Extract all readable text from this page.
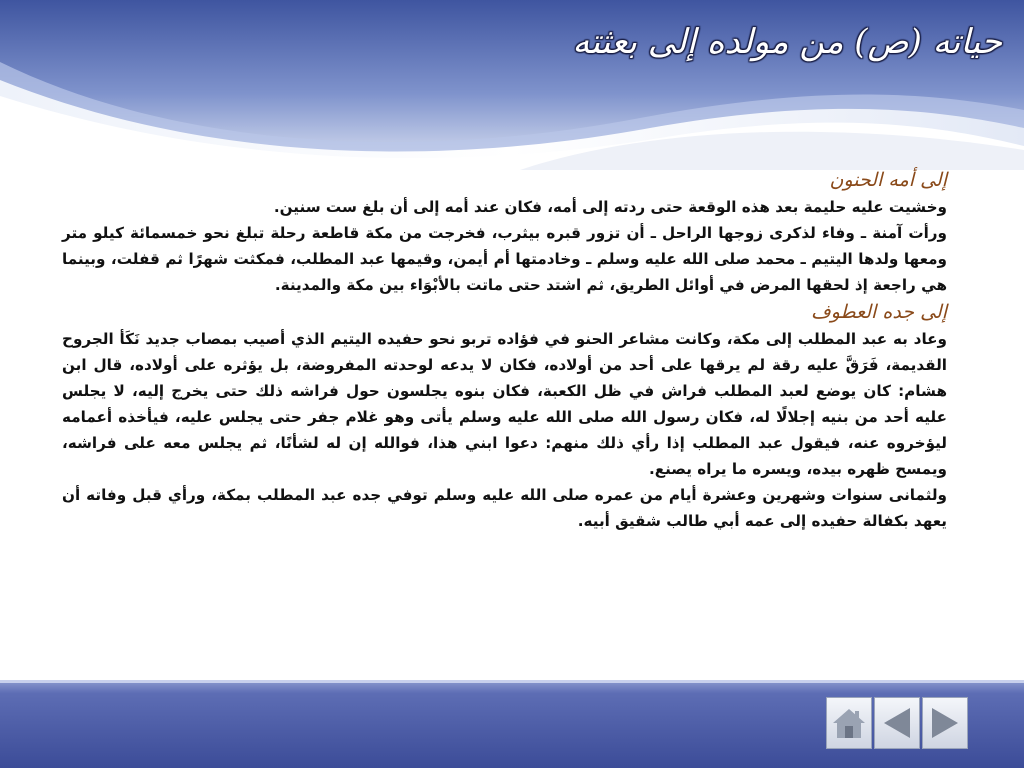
حياته (ص) من مولده إلى بعثته
إلى أمه الحنون

وخشيت عليه حليمة بعد هذه الوقعة حتى ردته إلى أمه، فكان عند أمه إلى أن بلغ ست سنين.

ورأت آمنة ـ وفاء لذكرى زوجها الراحل ـ أن تزور قبره بيثرب، فخرجت من مكة قاطعة رحلة تبلغ نحو خمسمائة كيلو متر ومعها ولدها اليتيم ـ محمد صلى الله عليه وسلم ـ وخادمتها أم أيمن، وقيمها عبد المطلب، فمكثت شهرًا ثم قفلت، وبينما هي راجعة إذ لحقها المرض في أوائل الطريق، ثم اشتد حتى ماتت بالأبْوَاء بين مكة والمدينة.

إلى جده العطوف

وعاد به عبد المطلب إلى مكة، وكانت مشاعر الحنو في فؤاده تربو نحو حفيده اليتيم الذي أصيب بمصاب جديد نَكَأ الجروح القديمة، فَرَقَّ عليه رقة لم يرقها على أحد من أولاده، فكان لا يدعه لوحدته المفروضة، بل يؤثره على أولاده، قال ابن هشام: كان يوضع لعبد المطلب فراش في ظل الكعبة، فكان بنوه يجلسون حول فراشه ذلك حتى يخرج إليه، لا يجلس عليه أحد من بنيه إجلالًا له، فكان رسول الله صلى الله عليه وسلم يأتى وهو غلام جفر حتى يجلس عليه، فيأخذه أعمامه ليؤخروه عنه، فيقول عبد المطلب إذا رأي ذلك منهم: دعوا ابني هذا، فوالله إن له لشأنًا، ثم يجلس معه على فراشه، ويمسح ظهره بيده، ويسره ما يراه يصنع.

ولثمانى سنوات وشهرين وعشرة أيام من عمره صلى الله عليه وسلم توفي جده عبد المطلب بمكة، ورأي قبل وفاته أن يعهد بكفالة حفيده إلى عمه أبي طالب شقيق أبيه.
